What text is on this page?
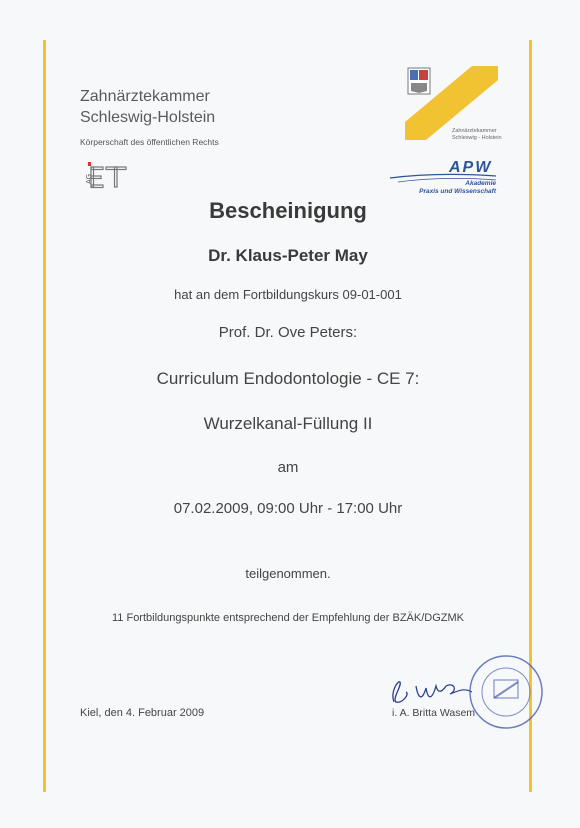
Zahnärztekammer
Schleswig-Holstein
Körperschaft des öffentlichen Rechts
AG
Zahnärztekammer
Schleswig - Holstein
APW
Akademie
Praxis und Wissenschaft
Bescheinigung
Dr. Klaus-Peter May
hat an dem Fortbildungskurs 09-01-001
Prof. Dr. Ove Peters:
Curriculum Endodontologie - CE 7:
Wurzelkanal-Füllung II
am
07.02.2009, 09:00 Uhr - 17:00 Uhr
teilgenommen.
11 Fortbildungspunkte entsprechend der Empfehlung der BZÄK/DGZMK
Kiel, den 4. Februar 2009	i. A. Britta Wasem
